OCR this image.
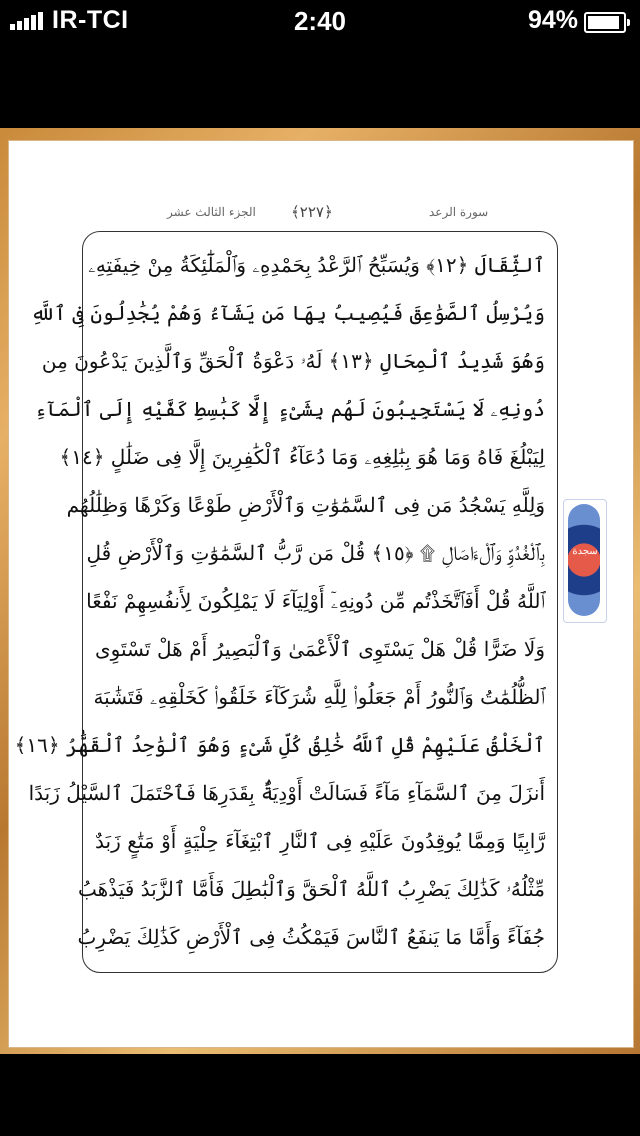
IR-TCI	2:40	94%
الجزء الثالث عشر ﴿٢٢٧﴾	سورة الرعد
ٱلثِّقَالَ ﴿١٢﴾ وَيُسَبِّحُ ٱلرَّعْدُ بِحَمْدِهِۦ وَٱلْمَلَٰٓئِكَةُ مِنْ خِيفَتِهِۦ
وَيُرْسِلُ ٱلصَّوَٰعِقَ فَيُصِيبُ بِهَا مَن يَشَآءُ وَهُمْ يُجَٰدِلُونَ فِى ٱللَّهِ
وَهُوَ شَدِيدُ ٱلْمِحَالِ ﴿١٣﴾ لَهُۥ دَعْوَةُ ٱلْحَقِّ وَٱلَّذِينَ يَدْعُونَ مِن
دُونِهِۦ لَا يَسْتَجِيبُونَ لَهُم بِشَىْءٍ إِلَّا كَبَٰسِطِ كَفَّيْهِ إِلَى ٱلْمَآءِ
لِيَبْلُغَ فَاهُ وَمَا هُوَ بِبَٰلِغِهِۦ وَمَا دُعَآءُ ٱلْكَٰفِرِينَ إِلَّا فِى ضَلَٰلٍ ﴿١٤﴾
وَلِلَّهِ يَسْجُدُ مَن فِى ٱلسَّمَٰوَٰتِ وَٱلْأَرْضِ طَوْعًا وَكَرْهًا وَظِلَٰلُهُم
بِٱلْغُدُوِّ وَٱلْءَاصَالِ ۩ ﴿١٥﴾ قُلْ مَن رَّبُّ ٱلسَّمَٰوَٰتِ وَٱلْأَرْضِ قُلِ
ٱللَّهُ قُلْ أَفَٱتَّخَذْتُم مِّن دُونِهِۦٓ أَوْلِيَآءَ لَا يَمْلِكُونَ لِأَنفُسِهِمْ نَفْعًا
وَلَا ضَرًّا قُلْ هَلْ يَسْتَوِى ٱلْأَعْمَىٰ وَٱلْبَصِيرُ أَمْ هَلْ تَسْتَوِى
ٱلظُّلُمَٰتُ وَٱلنُّورُ أَمْ جَعَلُوا۟ لِلَّهِ شُرَكَآءَ خَلَقُوا۟ كَخَلْقِهِۦ فَتَشَٰبَهَ
ٱلْخَلْقُ عَلَيْهِمْ قُلِ ٱللَّهُ خَٰلِقُ كُلِّ شَىْءٍ وَهُوَ ٱلْوَٰحِدُ ٱلْقَهَّٰرُ ﴿١٦﴾
أَنزَلَ مِنَ ٱلسَّمَآءِ مَآءً فَسَالَتْ أَوْدِيَةٌۢ بِقَدَرِهَا فَٱحْتَمَلَ ٱلسَّيْلُ زَبَدًا
رَّابِيًا وَمِمَّا يُوقِدُونَ عَلَيْهِ فِى ٱلنَّارِ ٱبْتِغَآءَ حِلْيَةٍ أَوْ مَتَٰعٍ زَبَدٌ
مِّثْلُهُۥ كَذَٰلِكَ يَضْرِبُ ٱللَّهُ ٱلْحَقَّ وَٱلْبَٰطِلَ فَأَمَّا ٱلزَّبَدُ فَيَذْهَبُ
جُفَآءً وَأَمَّا مَا يَنفَعُ ٱلنَّاسَ فَيَمْكُثُ فِى ٱلْأَرْضِ كَذَٰلِكَ يَضْرِبُ
سجدة
